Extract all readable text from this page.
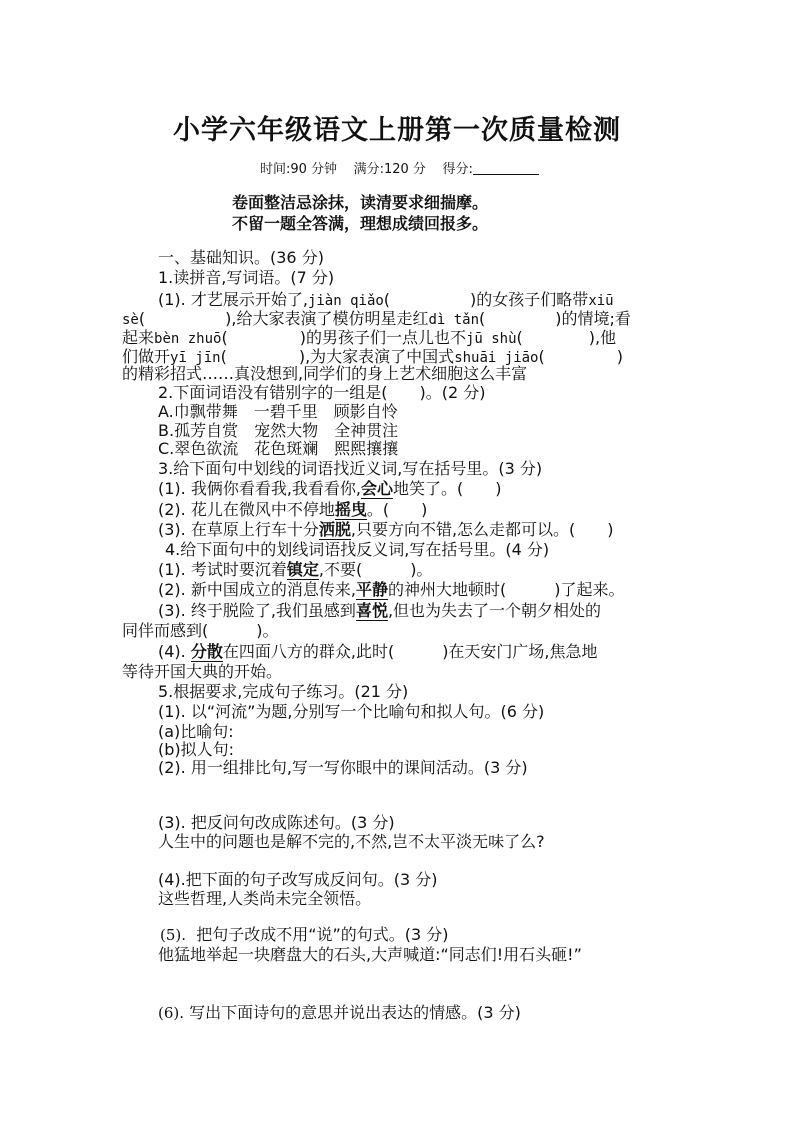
小学六年级语文上册第一次质量检测
时间:90 分钟 满分:120 分 得分:
卷面整洁忌涂抹，读清要求细揣摩。
不留一题全答满，理想成绩回报多。
一、基础知识。(36 分)
1.读拼音,写词语。(7 分)
(1). 才艺展示开始了,jiàn qiǎo(	)的女孩子们略带xiū
sè(	),给大家表演了模仿明星走红dì tǎn(	)的情境;看
起来bèn zhuō(	)的男孩子们一点儿也不jū shù(	),他
们做开yī jīn(	),为大家表演了中国式shuāi jiāo(	)
的精彩招式……真没想到,同学们的身上艺术细胞这么丰富
2.下面词语没有错别字的一组是(　　)。(2 分)
A.巾飘带舞　一碧千里　顾影自怜
B.孤芳自赏　宠然大物　全神贯注
C.翠色欲流　花色斑斓　熙熙攘攘
3.给下面句中划线的词语找近义词,写在括号里。(3 分)
(1). 我俩你看看我,我看看你,会心地笑了。(　　)
(2). 花儿在微风中不停地摇曳。(　　)
(3). 在草原上行车十分洒脱,只要方向不错,怎么走都可以。(　　)
4.给下面句中的划线词语找反义词,写在括号里。(4 分)
(1). 考试时要沉着镇定,不要(　　　)。
(2). 新中国成立的消息传来,平静的神州大地顿时(　　　)了起来。
(3). 终于脱险了,我们虽感到喜悦,但也为失去了一个朝夕相处的
同伴而感到(　　　)。
(4). 分散在四面八方的群众,此时(　　　)在天安门广场,焦急地
等待开国大典的开始。
5.根据要求,完成句子练习。(21 分)
(1). 以“河流”为题,分别写一个比喻句和拟人句。(6 分)
(a)比喻句:
(b)拟人句:
(2). 用一组排比句,写一写你眼中的课间活动。(3 分)
(3). 把反问句改成陈述句。(3 分)
人生中的问题也是解不完的,不然,岂不太平淡无味了么?
(4).把下面的句子改写成反问句。(3 分)
这些哲理,人类尚未完全领悟。
(5). 把句子改成不用“说”的句式。(3 分)
他猛地举起一块磨盘大的石头,大声喊道:“同志们!用石头砸!”
(6). 写出下面诗句的意思并说出表达的情感。(3 分)
